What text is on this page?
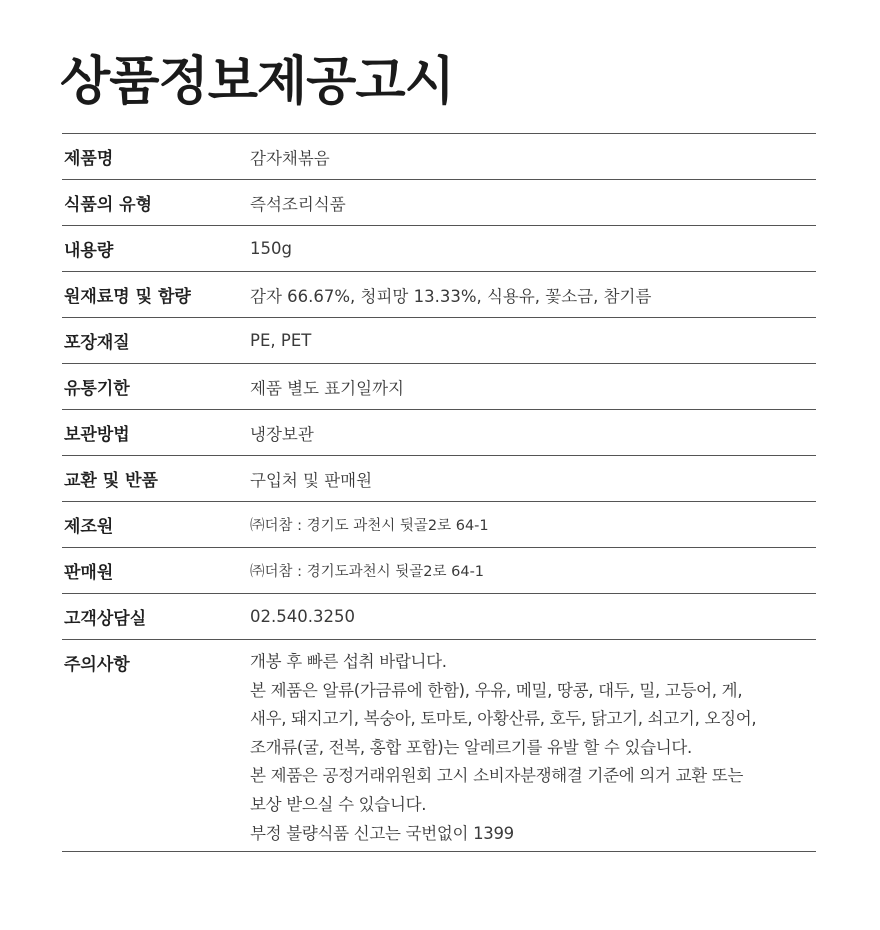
상품정보제공고시
제품명	감자채볶음
식품의 유형	즉석조리식품
내용량	150g
원재료명 및 함량	감자 66.67%, 청피망 13.33%, 식용유, 꽃소금, 참기름
포장재질	PE, PET
유통기한	제품 별도 표기일까지
보관방법	냉장보관
교환 및 반품	구입처 및 판매원
제조원	㈜더참 : 경기도 과천시 뒷골2로 64-1
판매원	㈜더참 : 경기도과천시 뒷골2로 64-1
고객상담실	02.540.3250
주의사항	개봉 후 빠른 섭취 바랍니다.
본 제품은 알류(가금류에 한함), 우유, 메밀, 땅콩, 대두, 밀, 고등어, 게,
새우, 돼지고기, 복숭아, 토마토, 아황산류, 호두, 닭고기, 쇠고기, 오징어,
조개류(굴, 전복, 홍합 포함)는 알레르기를 유발 할 수 있습니다.
본 제품은 공정거래위원회 고시 소비자분쟁해결 기준에 의거 교환 또는
보상 받으실 수 있습니다.
부정 불량식품 신고는 국번없이 1399
